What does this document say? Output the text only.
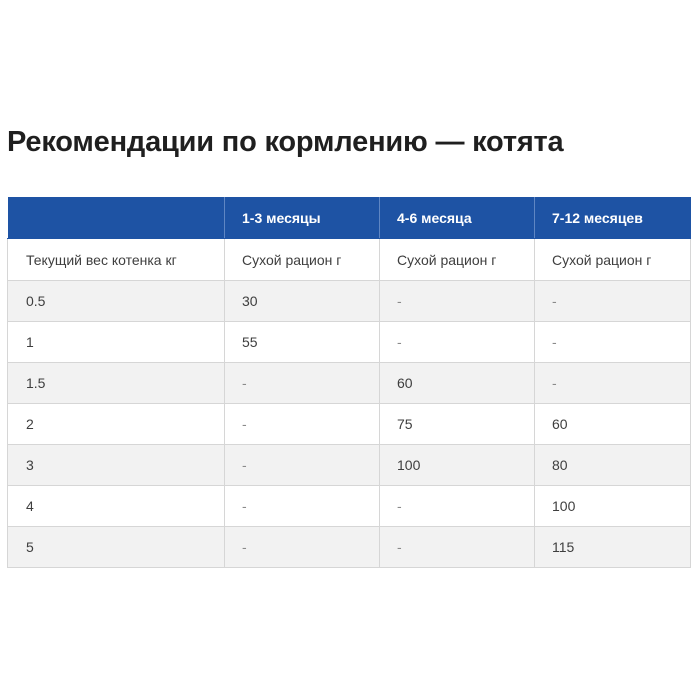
Рекомендации по кормлению — котята
	1-3 месяцы	4-6 месяца	7-12 месяцев
Текущий вес котенка кг	Сухой рацион г	Сухой рацион г	Сухой рацион г
0.5	30	-	-
1	55	-	-
1.5	-	60	-
2	-	75	60
3	-	100	80
4	-	-	100
5	-	-	115
